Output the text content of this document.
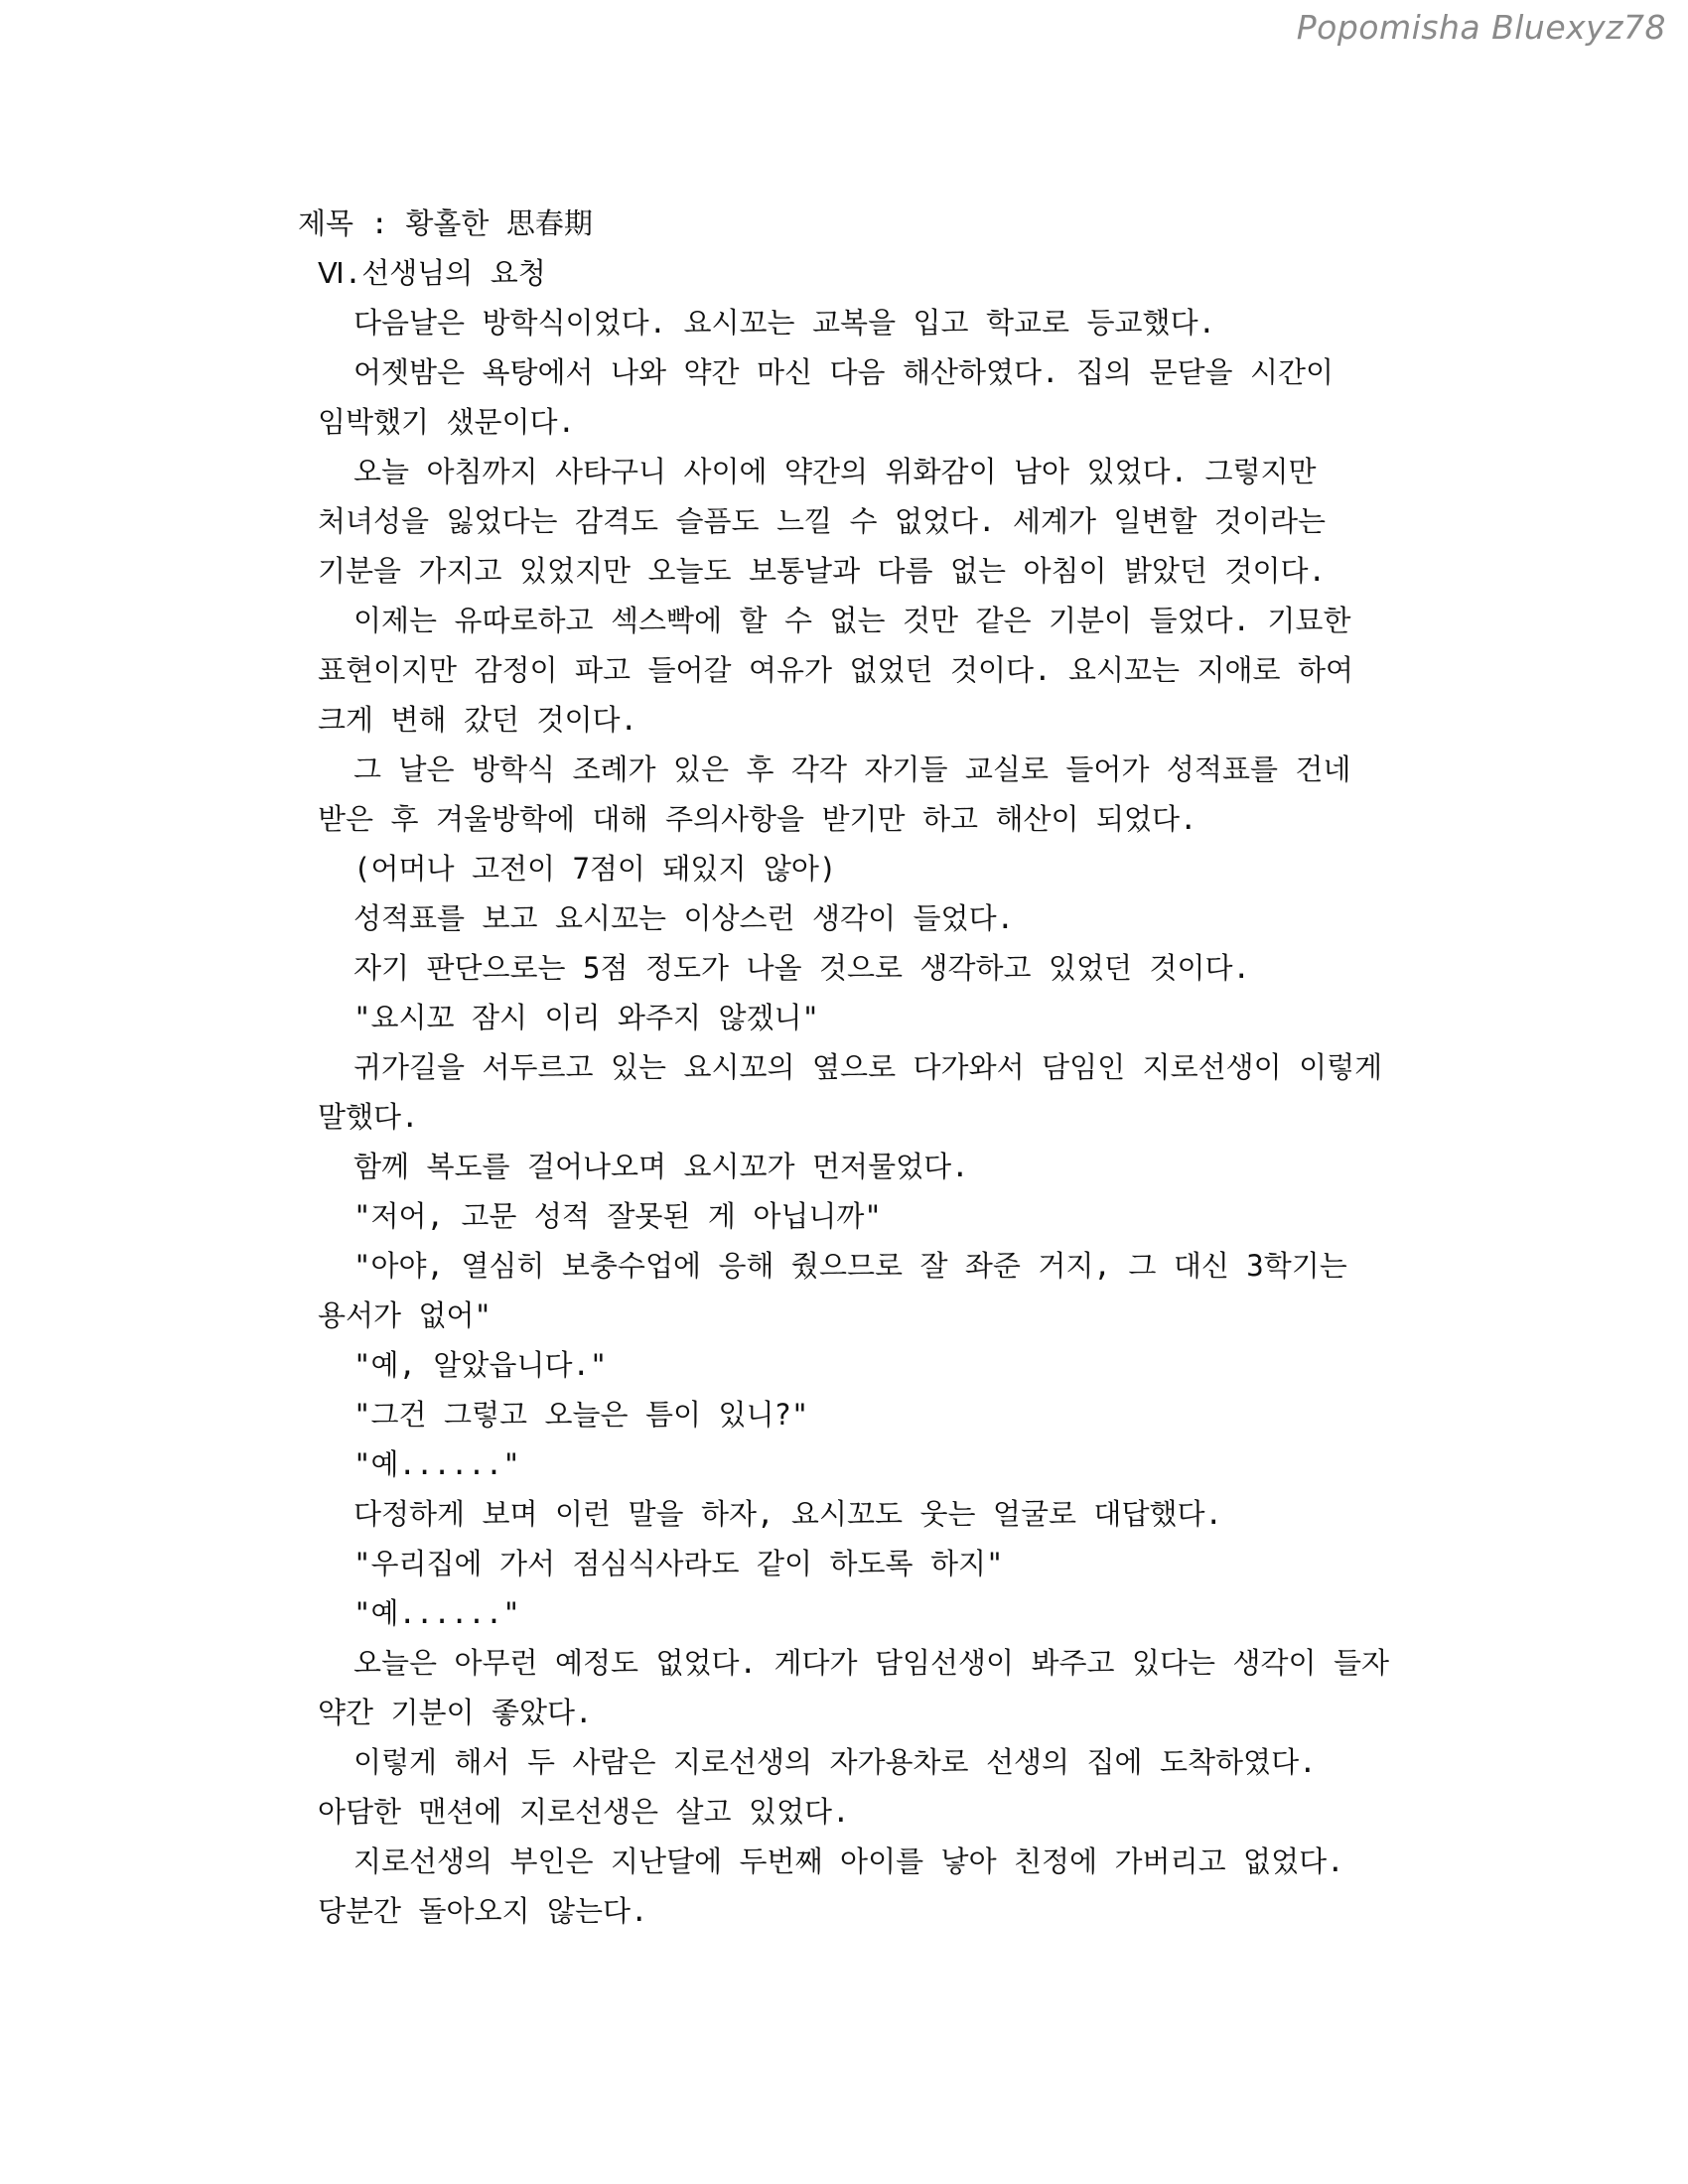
Popomisha Bluexyz78
제목 : 황홀한 思春期
Ⅵ.선생님의 요청
다음날은 방학식이었다. 요시꼬는 교복을 입고 학교로 등교했다.
어젯밤은 욕탕에서 나와 약간 마신 다음 해산하였다. 집의 문닫을 시간이 임박했기 샜문이다.
오늘 아침까지 사타구니 사이에 약간의 위화감이 남아 있었다. 그렇지만 처녀성을 잃었다는 감격도 슬픔도 느낄 수 없었다. 세계가 일변할 것이라는 기분을 가지고 있었지만 오늘도 보통날과 다름 없는 아침이 밝았던 것이다.
이제는 유따로하고 섹스빡에 할 수 없는 것만 같은 기분이 들었다. 기묘한 표현이지만 감정이 파고 들어갈 여유가 없었던 것이다. 요시꼬는 지애로 하여 크게 변해 갔던 것이다.
그 날은 방학식 조례가 있은 후 각각 자기들 교실로 들어가 성적표를 건네 받은 후 겨울방학에 대해 주의사항을 받기만 하고 해산이 되었다.
(어머나 고전이 7점이 돼있지 않아)
성적표를 보고 요시꼬는 이상스런 생각이 들었다.
자기 판단으로는 5점 정도가 나올 것으로 생각하고 있었던 것이다.
"요시꼬 잠시 이리 와주지 않겠니"
귀가길을 서두르고 있는 요시꼬의 옆으로 다가와서 담임인 지로선생이 이렇게 말했다.
함께 복도를 걸어나오며 요시꼬가 먼저물었다.
"저어, 고문 성적 잘못된 게 아닙니까"
"아야, 열심히 보충수업에 응해 줬으므로 잘 좌준 거지, 그 대신 3학기는 용서가 없어"
"예, 알았읍니다."
"그건 그렇고 오늘은 틈이 있니?"
"예......"
다정하게 보며 이런 말을 하자, 요시꼬도 웃는 얼굴로 대답했다.
"우리집에 가서 점심식사라도 같이 하도록 하지"
"예......"
오늘은 아무런 예정도 없었다. 게다가 담임선생이 봐주고 있다는 생각이 들자 약간 기분이 좋았다.
이렇게 해서 두 사람은 지로선생의 자가용차로 선생의 집에 도착하였다. 아담한 맨션에 지로선생은 살고 있었다.
지로선생의 부인은 지난달에 두번째 아이를 낳아 친정에 가버리고 없었다. 당분간 돌아오지 않는다.
